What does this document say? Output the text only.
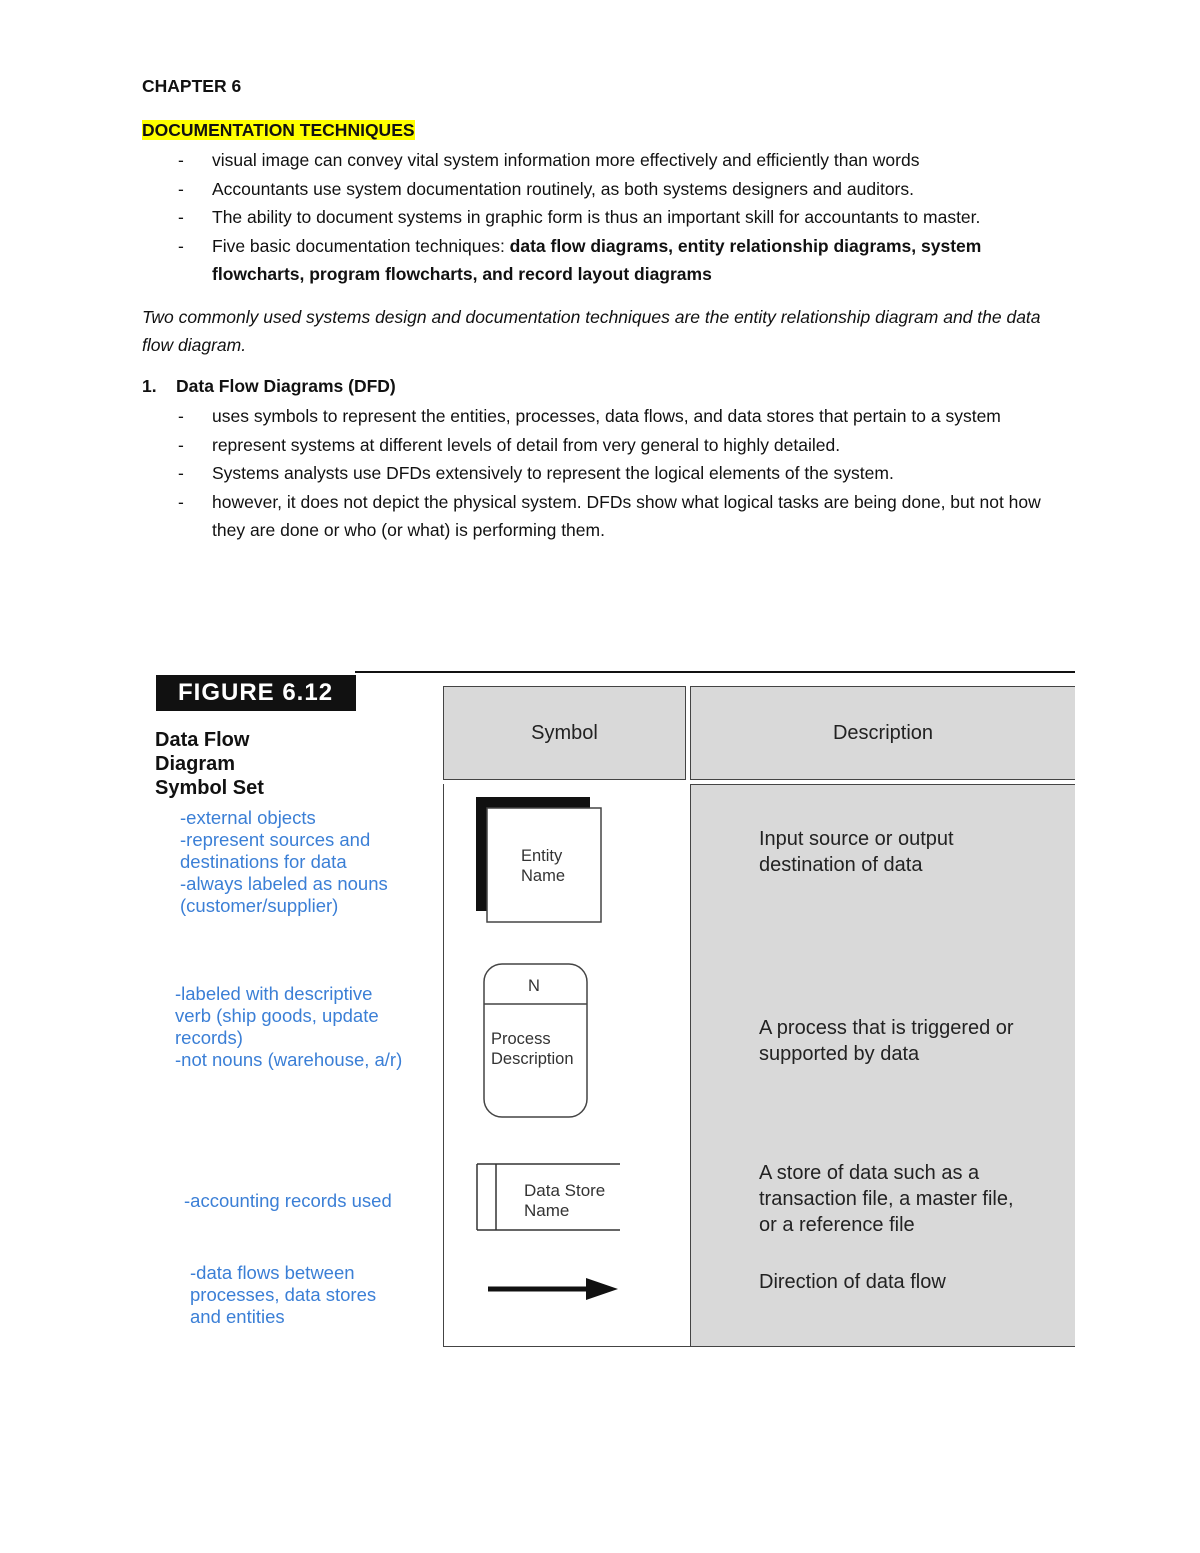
CHAPTER 6

DOCUMENTATION TECHNIQUES

- visual image can convey vital system information more effectively and efficiently than words
- Accountants use system documentation routinely, as both systems designers and auditors.
- The ability to document systems in graphic form is thus an important skill for accountants to master.
- Five basic documentation techniques: data flow diagrams, entity relationship diagrams, system flowcharts, program flowcharts, and record layout diagrams

Two commonly used systems design and documentation techniques are the entity relationship diagram and the data flow diagram.

1. Data Flow Diagrams (DFD)

- uses symbols to represent the entities, processes, data flows, and data stores that pertain to a system
- represent systems at different levels of detail from very general to highly detailed.
- Systems analysts use DFDs extensively to represent the logical elements of the system.
- however, it does not depict the physical system. DFDs show what logical tasks are being done, but not how they are done or who (or what) is performing them.
FIGURE 6.12
Data Flow
Diagram
Symbol Set
-external objects
-represent sources and
destinations for data
-always labeled as nouns
(customer/supplier)
-labeled with descriptive
verb (ship goods, update
records)
-not nouns (warehouse, a/r)
-accounting records used
-data flows between
processes, data stores
and entities
Symbol	Description
Entity
Name
N
Process
Description
Data Store
Name
Input source or output
destination of data
A process that is triggered or
supported by data
A store of data such as a
transaction file, a master file,
or a reference file
Direction of data flow
